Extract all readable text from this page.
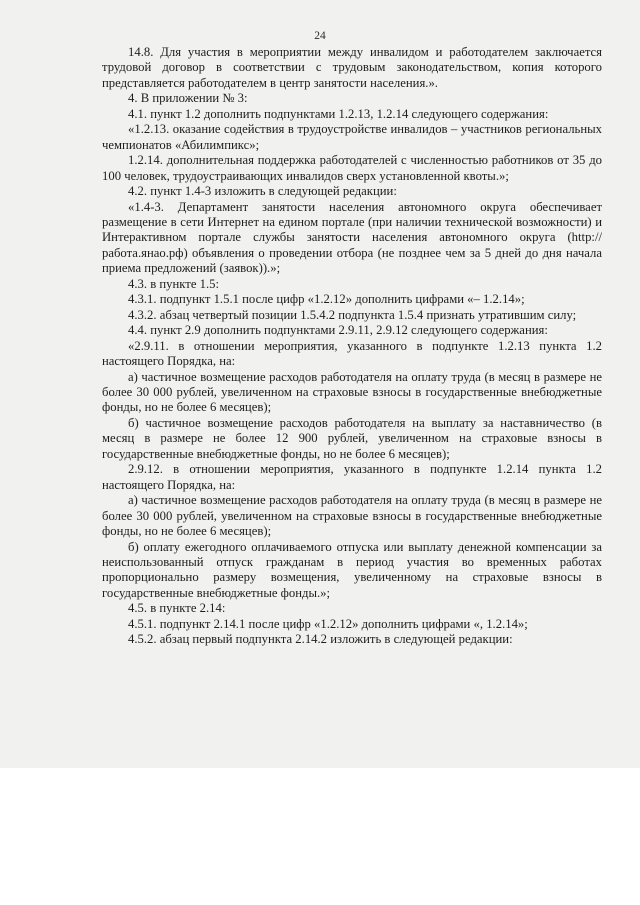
24

14.8. Для участия в мероприятии между инвалидом и работодателем заключается трудовой договор в соответствии с трудовым законодательством, копия которого представляется работодателем в центр занятости населения.».

4. В приложении № 3:

4.1. пункт 1.2 дополнить подпунктами 1.2.13, 1.2.14 следующего содержания:

«1.2.13. оказание содействия в трудоустройстве инвалидов – участников региональных чемпионатов «Абилимпикс»;

1.2.14. дополнительная поддержка работодателей с численностью работников от 35 до 100 человек, трудоустраивающих инвалидов сверх установленной квоты.»;

4.2. пункт 1.4-3 изложить в следующей редакции:

«1.4-3. Департамент занятости населения автономного округа обеспечивает размещение в сети Интернет на едином портале (при наличии технической возможности) и Интерактивном портале службы занятости населения автономного округа (http://работа.янао.рф) объявления о проведении отбора (не позднее чем за 5 дней до дня начала приема предложений (заявок)).»;

4.3. в пункте 1.5:

4.3.1. подпункт 1.5.1 после цифр «1.2.12» дополнить цифрами «– 1.2.14»;

4.3.2. абзац четвертый позиции 1.5.4.2 подпункта 1.5.4 признать утратившим силу;

4.4. пункт 2.9 дополнить подпунктами 2.9.11, 2.9.12 следующего содержания:

«2.9.11. в отношении мероприятия, указанного в подпункте 1.2.13 пункта 1.2 настоящего Порядка, на:

а) частичное возмещение расходов работодателя на оплату труда (в месяц в размере не более 30 000 рублей, увеличенном на страховые взносы в государственные внебюджетные фонды, но не более 6 месяцев);

б) частичное возмещение расходов работодателя на выплату за наставничество (в месяц в размере не более 12 900 рублей, увеличенном на страховые взносы в государственные внебюджетные фонды, но не более 6 месяцев);

2.9.12. в отношении мероприятия, указанного в подпункте 1.2.14 пункта 1.2 настоящего Порядка, на:

а) частичное возмещение расходов работодателя на оплату труда (в месяц в размере не более 30 000 рублей, увеличенном на страховые взносы в государственные внебюджетные фонды, но не более 6 месяцев);

б) оплату ежегодного оплачиваемого отпуска или выплату денежной компенсации за неиспользованный отпуск гражданам в период участия во временных работах пропорционально размеру возмещения, увеличенному на страховые взносы в государственные внебюджетные фонды.»;

4.5. в пункте 2.14:

4.5.1. подпункт 2.14.1 после цифр «1.2.12» дополнить цифрами «, 1.2.14»;

4.5.2. абзац первый подпункта 2.14.2 изложить в следующей редакции:
